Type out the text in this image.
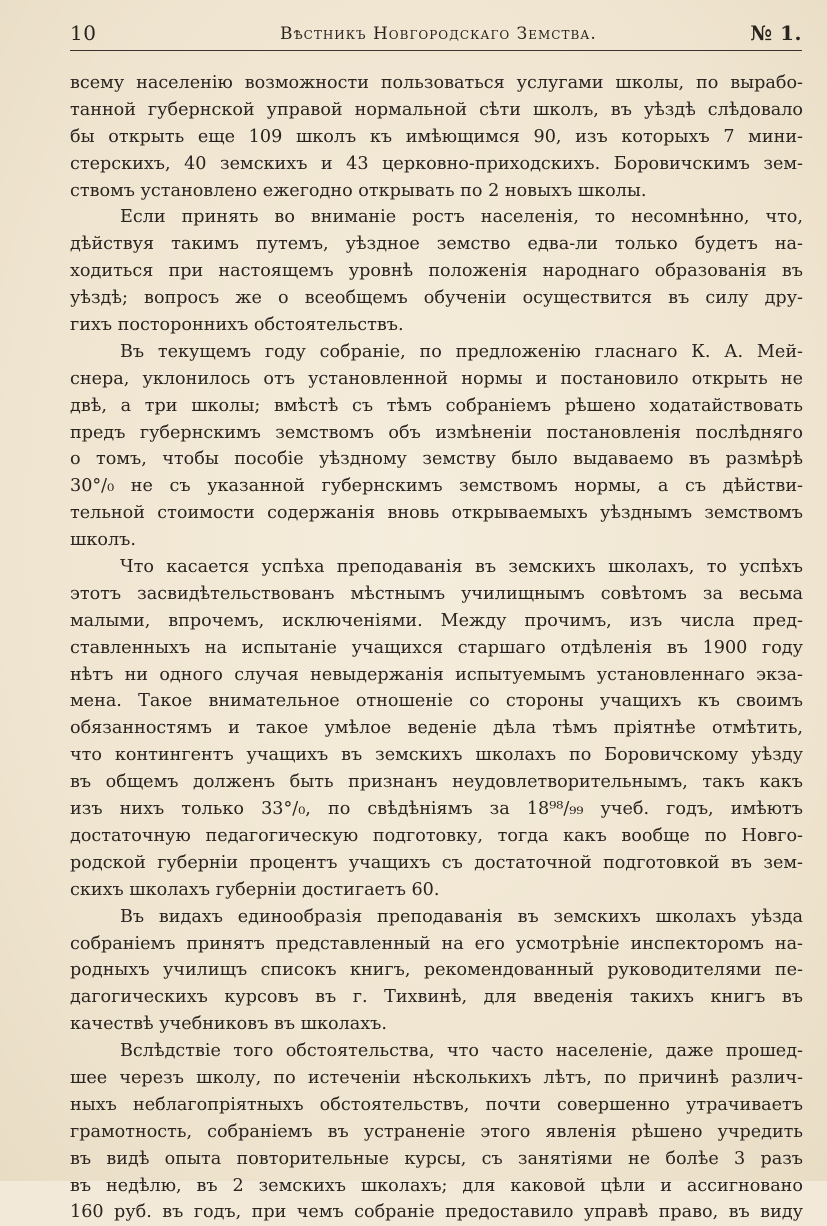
10	Вѣстникъ Новгородскаго Земства.	№ 1.
всему населенію возможности пользоваться услугами школы, по вырабо-
танной губернской управой нормальной сѣти школъ, въ уѣздѣ слѣдовало
бы открыть еще 109 школъ къ имѣющимся 90, изъ которыхъ 7 мини-
стерскихъ, 40 земскихъ и 43 церковно-приходскихъ. Боровичскимъ зем-
ствомъ установлено ежегодно открывать по 2 новыхъ школы.
Если принять во вниманіе ростъ населенія, то несомнѣнно, что,
дѣйствуя такимъ путемъ, уѣздное земство едва-ли только будетъ на-
ходиться при настоящемъ уровнѣ положенія народнаго образованія въ
уѣздѣ; вопросъ же о всеобщемъ обученіи осуществится въ силу дру-
гихъ постороннихъ обстоятельствъ.
Въ текущемъ году собраніе, по предложенію гласнаго К. А. Мей-
снера, уклонилось отъ установленной нормы и постановило открыть не
двѣ, а три школы; вмѣстѣ съ тѣмъ собраніемъ рѣшено ходатайствовать
предъ губернскимъ земствомъ объ измѣненіи постановленія послѣдняго
о томъ, чтобы пособіе уѣздному земству было выдаваемо въ размѣрѣ
30°/₀ не съ указанной губернскимъ земствомъ нормы, а съ дѣйстви-
тельной стоимости содержанія вновь открываемыхъ уѣзднымъ земствомъ
школъ.
Что касается успѣха преподаванія въ земскихъ школахъ, то успѣхъ
этотъ засвидѣтельствованъ мѣстнымъ училищнымъ совѣтомъ за весьма
малыми, впрочемъ, исключеніями. Между прочимъ, изъ числа пред-
ставленныхъ на испытаніе учащихся старшаго отдѣленія въ 1900 году
нѣтъ ни одного случая невыдержанія испытуемымъ установленнаго экза-
мена. Такое внимательное отношеніе со стороны учащихъ къ своимъ
обязанностямъ и такое умѣлое веденіе дѣла тѣмъ пріятнѣе отмѣтить,
что контингентъ учащихъ въ земскихъ школахъ по Боровичскому уѣзду
въ общемъ долженъ быть признанъ неудовлетворительнымъ, такъ какъ
изъ нихъ только 33°/₀, по свѣдѣніямъ за 18⁹⁸/₉₉ учеб. годъ, имѣютъ
достаточную педагогическую подготовку, тогда какъ вообще по Новго-
родской губерніи процентъ учащихъ съ достаточной подготовкой въ зем-
скихъ школахъ губерніи достигаетъ 60.
Въ видахъ единообразія преподаванія въ земскихъ школахъ уѣзда
собраніемъ принятъ представленный на его усмотрѣніе инспекторомъ на-
родныхъ училищъ списокъ книгъ, рекомендованный руководителями пе-
дагогическихъ курсовъ въ г. Тихвинѣ, для введенія такихъ книгъ въ
качествѣ учебниковъ въ школахъ.
Вслѣдствіе того обстоятельства, что часто населеніе, даже прошед-
шее черезъ школу, по истеченіи нѣсколькихъ лѣтъ, по причинѣ различ-
ныхъ неблагопріятныхъ обстоятельствъ, почти совершенно утрачиваетъ
грамотность, собраніемъ въ устраненіе этого явленія рѣшено учредить
въ видѣ опыта повторительные курсы, съ занятіями не болѣе 3 разъ
въ недѣлю, въ 2 земскихъ школахъ; для каковой цѣли и ассигновано
160 руб. въ годъ, при чемъ собраніе предоставило управѣ право, въ виду
